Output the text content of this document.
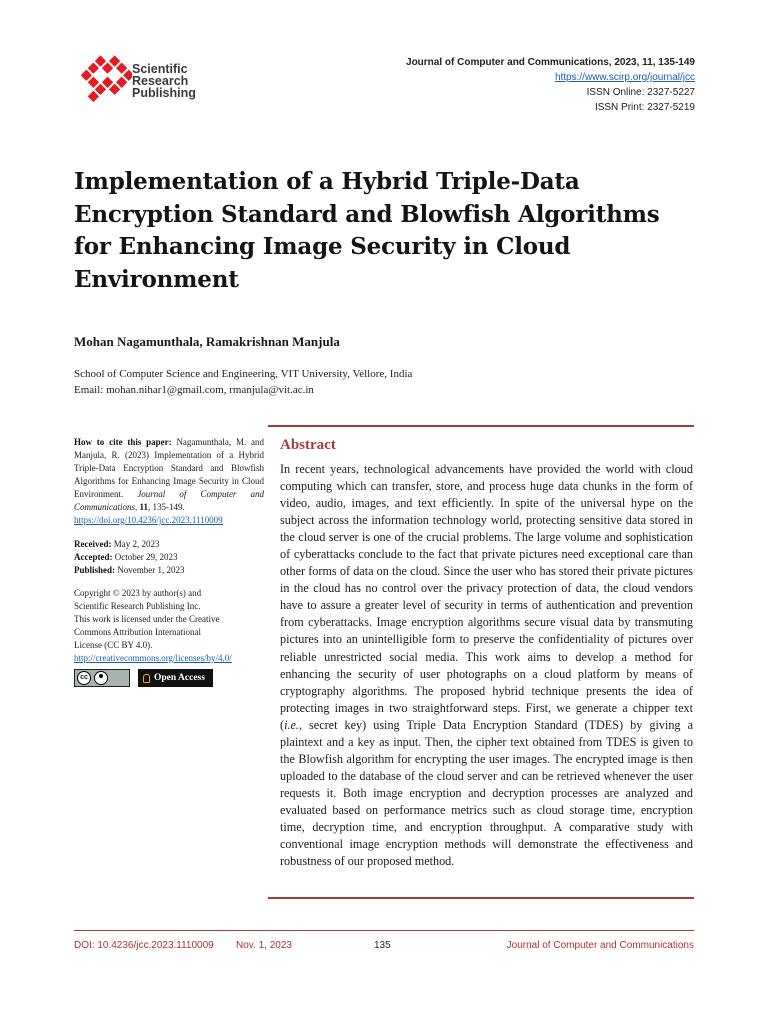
Scientific
Research
Publishing
Journal of Computer and Communications, 2023, 11, 135-149
https://www.scirp.org/journal/jcc
ISSN Online: 2327-5227
ISSN Print: 2327-5219
Implementation of a Hybrid Triple-Data Encryption Standard and Blowfish Algorithms for Enhancing Image Security in Cloud Environment
Mohan Nagamunthala, Ramakrishnan Manjula
School of Computer Science and Engineering, VIT University, Vellore, India
Email: mohan.nihar1@gmail.com, rmanjula@vit.ac.in
How to cite this paper: Nagamunthala, M. and Manjula, R. (2023) Implementation of a Hybrid Triple-Data Encryption Standard and Blowfish Algorithms for Enhancing Image Security in Cloud Environment. Journal of Computer and Communications, 11, 135-149.
https://doi.org/10.4236/jcc.2023.1110009
Received: May 2, 2023
Accepted: October 29, 2023
Published: November 1, 2023
Copyright © 2023 by author(s) and
Scientific Research Publishing Inc.
This work is licensed under the Creative
Commons Attribution International
License (CC BY 4.0).
http://creativecommons.org/licenses/by/4.0/
cc	Open Access
Abstract

In recent years, technological advancements have provided the world with cloud computing which can transfer, store, and process huge data chunks in the form of video, audio, images, and text efficiently. In spite of the universal hype on the subject across the information technology world, protecting sensitive data stored in the cloud server is one of the crucial problems. The large volume and sophistication of cyberattacks conclude to the fact that private pictures need exceptional care than other forms of data on the cloud. Since the user who has stored their private pictures in the cloud has no control over the privacy protection of data, the cloud vendors have to assure a greater level of security in terms of authentication and prevention from cyberattacks. Image encryption algorithms secure visual data by transmuting pictures into an unintelligible form to preserve the confidentiality of pictures over reliable unrestricted social media. This work aims to develop a method for enhancing the security of user photographs on a cloud platform by means of cryptography algorithms. The proposed hybrid technique presents the idea of protecting images in two straightforward steps. First, we generate a chipper text (i.e., secret key) using Triple Data Encryption Standard (TDES) by giving a plaintext and a key as input. Then, the cipher text obtained from TDES is given to the Blowfish algorithm for encrypting the user images. The encrypted image is then uploaded to the database of the cloud server and can be retrieved whenever the user requests it. Both image encryption and decryption processes are analyzed and evaluated based on performance metrics such as cloud storage time, encryption time, decryption time, and encryption throughput. A comparative study with conventional image encryption methods will demonstrate the effectiveness and robustness of our proposed method.

DOI: 10.4236/jcc.2023.1110009 Nov. 1, 2023	135	Journal of Computer and Communications
